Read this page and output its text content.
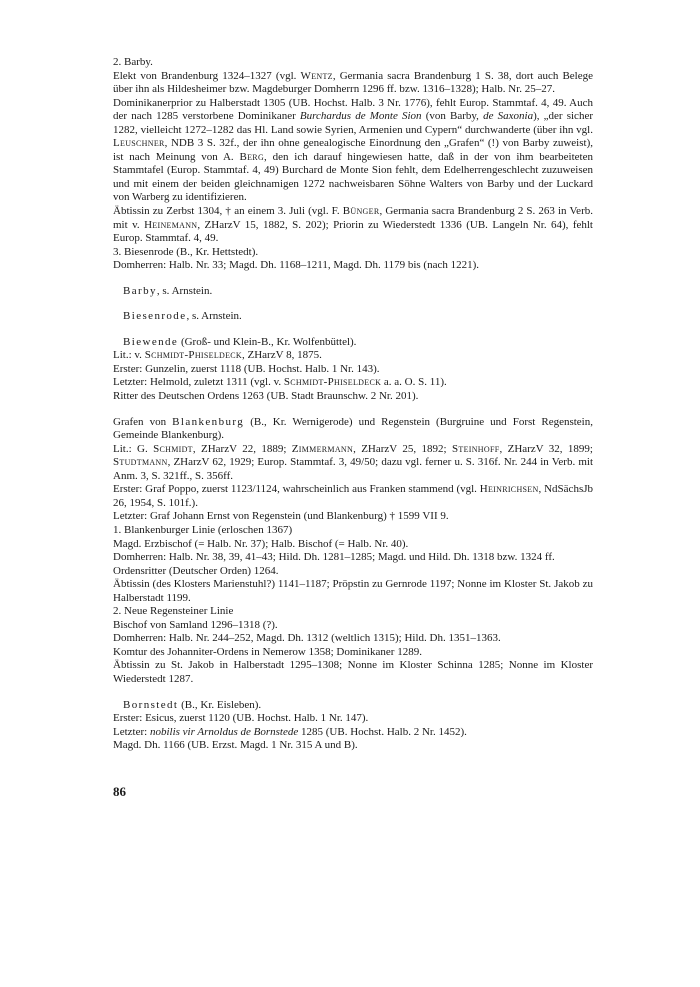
2. Barby.

Elekt von Brandenburg 1324–1327 (vgl. Wentz, Germania sacra Brandenburg 1 S. 38, dort auch Belege über ihn als Hildesheimer bzw. Magdeburger Domherrn 1296 ff. bzw. 1316–1328); Halb. Nr. 25–27.

Dominikanerprior zu Halberstadt 1305 (UB. Hochst. Halb. 3 Nr. 1776), fehlt Europ. Stammtaf. 4, 49. Auch der nach 1285 verstorbene Dominikaner Burchardus de Monte Sion (von Barby, de Saxonia), „der sicher 1282, vielleicht 1272–1282 das Hl. Land sowie Syrien, Armenien und Cypern“ durchwanderte (über ihn vgl. Leuschner, NDB 3 S. 32f., der ihn ohne genealogische Einordnung den „Grafen“ (!) von Barby zuweist), ist nach Meinung von A. Berg, den ich darauf hingewiesen hatte, daß in der von ihm bearbeiteten Stammtafel (Europ. Stammtaf. 4, 49) Burchard de Monte Sion fehlt, dem Edelherrengeschlecht zuzuweisen und mit einem der beiden gleichnamigen 1272 nachweisbaren Söhne Walters von Barby und der Luckard von Warberg zu identifizieren.

Äbtissin zu Zerbst 1304, † an einem 3. Juli (vgl. F. Bünger, Germania sacra Brandenburg 2 S. 263 in Verb. mit v. Heinemann, ZHarzV 15, 1882, S. 202); Priorin zu Wiederstedt 1336 (UB. Langeln Nr. 64), fehlt Europ. Stammtaf. 4, 49.

3. Biesenrode (B., Kr. Hettstedt).

Domherren: Halb. Nr. 33; Magd. Dh. 1168–1211, Magd. Dh. 1179 bis (nach 1221).

Barby, s. Arnstein.

Biesenrode, s. Arnstein.

Biewende (Groß- und Klein-B., Kr. Wolfenbüttel).

Lit.: v. Schmidt-Phiseldeck, ZHarzV 8, 1875.

Erster: Gunzelin, zuerst 1118 (UB. Hochst. Halb. 1 Nr. 143).

Letzter: Helmold, zuletzt 1311 (vgl. v. Schmidt-Phiseldeck a. a. O. S. 11).

Ritter des Deutschen Ordens 1263 (UB. Stadt Braunschw. 2 Nr. 201).

Grafen von Blankenburg (B., Kr. Wernigerode) und Regenstein (Burgruine und Forst Regenstein, Gemeinde Blankenburg).

Lit.: G. Schmidt, ZHarzV 22, 1889; Zimmermann, ZHarzV 25, 1892; Steinhoff, ZHarzV 32, 1899; Studtmann, ZHarzV 62, 1929; Europ. Stammtaf. 3, 49/50; dazu vgl. ferner u. S. 316f. Nr. 244 in Verb. mit Anm. 3, S. 321ff., S. 356ff.

Erster: Graf Poppo, zuerst 1123/1124, wahrscheinlich aus Franken stammend (vgl. Heinrichsen, NdSächsJb 26, 1954, S. 101f.).

Letzter: Graf Johann Ernst von Regenstein (und Blankenburg) † 1599 VII 9.

1. Blankenburger Linie (erloschen 1367)

Magd. Erzbischof (= Halb. Nr. 37); Halb. Bischof (= Halb. Nr. 40).

Domherren: Halb. Nr. 38, 39, 41–43; Hild. Dh. 1281–1285; Magd. und Hild. Dh. 1318 bzw. 1324 ff.

Ordensritter (Deutscher Orden) 1264.

Äbtissin (des Klosters Marienstuhl?) 1141–1187; Pröpstin zu Gernrode 1197; Nonne im Kloster St. Jakob zu Halberstadt 1199.

2. Neue Regensteiner Linie

Bischof von Samland 1296–1318 (?).

Domherren: Halb. Nr. 244–252, Magd. Dh. 1312 (weltlich 1315); Hild. Dh. 1351–1363.

Komtur des Johanniter-Ordens in Nemerow 1358; Dominikaner 1289.

Äbtissin zu St. Jakob in Halberstadt 1295–1308; Nonne im Kloster Schinna 1285; Nonne im Kloster Wiederstedt 1287.

Bornstedt (B., Kr. Eisleben).

Erster: Esicus, zuerst 1120 (UB. Hochst. Halb. 1 Nr. 147).

Letzter: nobilis vir Arnoldus de Bornstede 1285 (UB. Hochst. Halb. 2 Nr. 1452).

Magd. Dh. 1166 (UB. Erzst. Magd. 1 Nr. 315 A und B).

86
